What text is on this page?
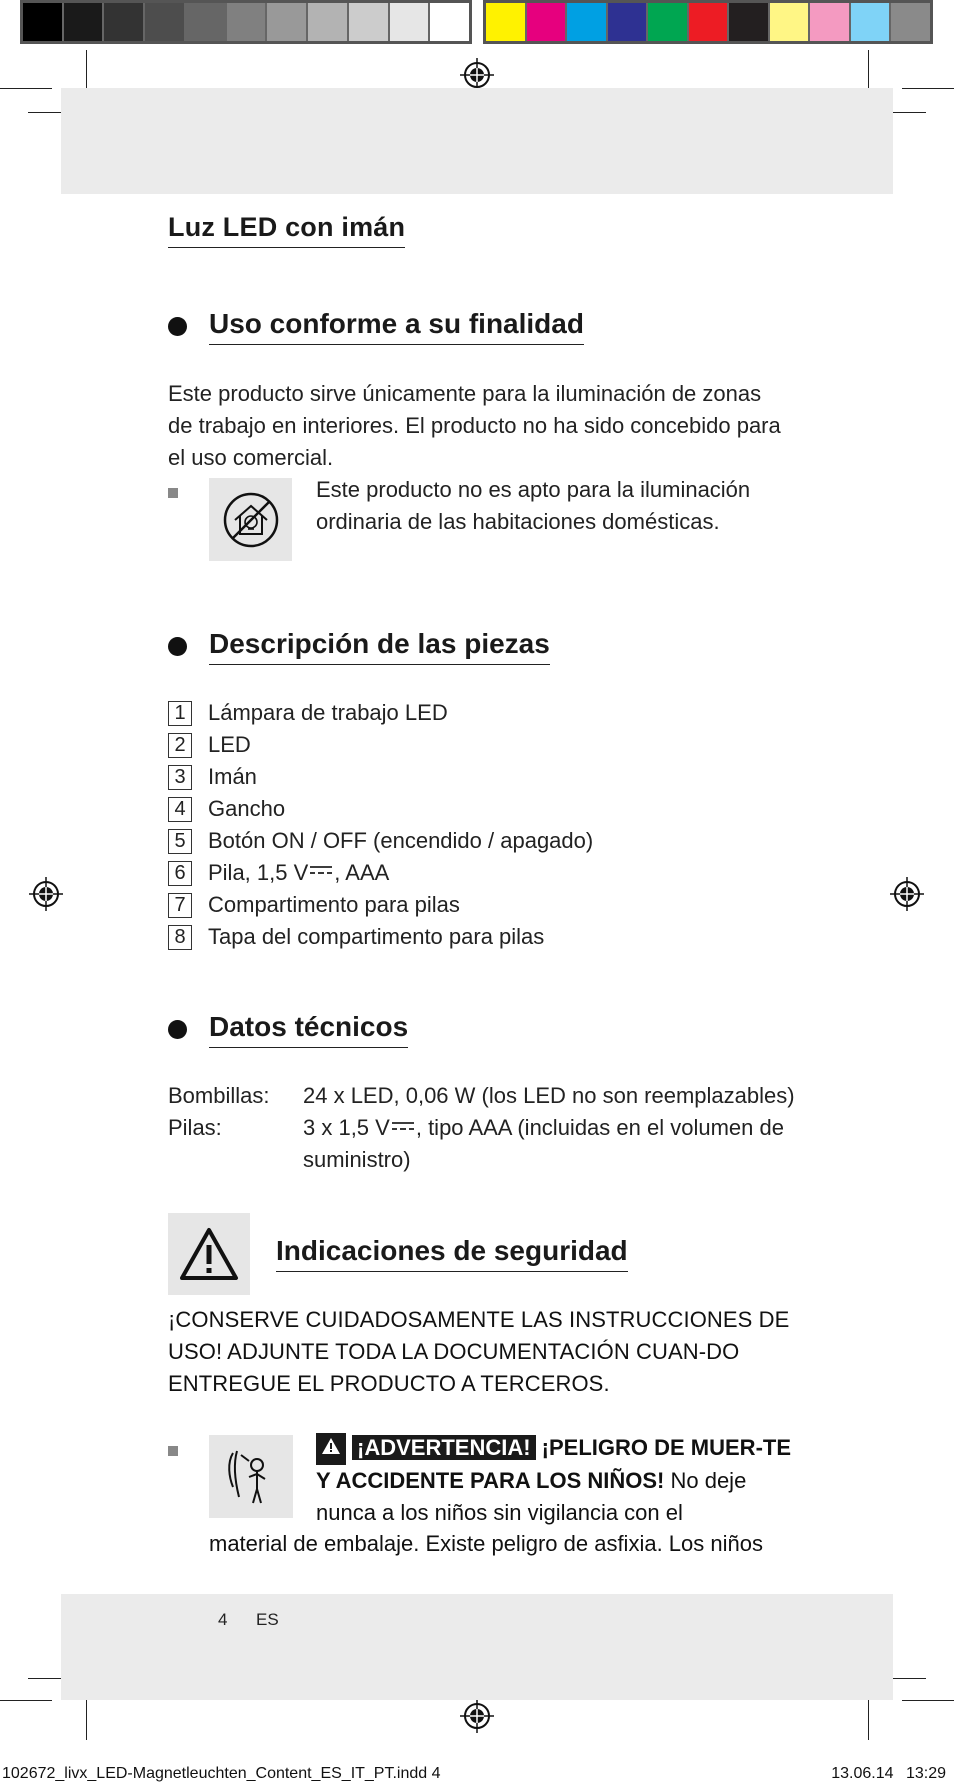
Luz LED con imán
Uso conforme a su finalidad
Este producto sirve únicamente para la iluminación de zonas de trabajo en interiores. El producto no ha sido concebido para el uso comercial.
Este producto no es apto para la iluminación ordinaria de las habitaciones domésticas.
Descripción de las piezas
1 Lámpara de trabajo LED
2 LED
3 Imán
4 Gancho
5 Botón ON / OFF (encendido / apagado)
6 Pila, 1,5 V , AAA
7 Compartimento para pilas
8 Tapa del compartimento para pilas
Datos técnicos
Bombillas:	24 x LED, 0,06 W (los LED no son reemplazables)
Pilas:	3 x 1,5 V , tipo AAA (incluidas en el volumen de suministro)
Indicaciones de seguridad
¡CONSERVE CUIDADOSAMENTE LAS INSTRUCCIONES DE USO! ADJUNTE TODA LA DOCUMENTACIÓN CUAN-DO ENTREGUE EL PRODUCTO A TERCEROS.
¡ADVERTENCIA! ¡PELIGRO DE MUER-TE Y ACCIDENTE PARA LOS NIÑOS! No deje nunca a los niños sin vigilancia con el
material de embalaje. Existe peligro de asfixia. Los niños
4 ES
102672_livx_LED-Magnetleuchten_Content_ES_IT_PT.indd 4	13.06.14 13:29
